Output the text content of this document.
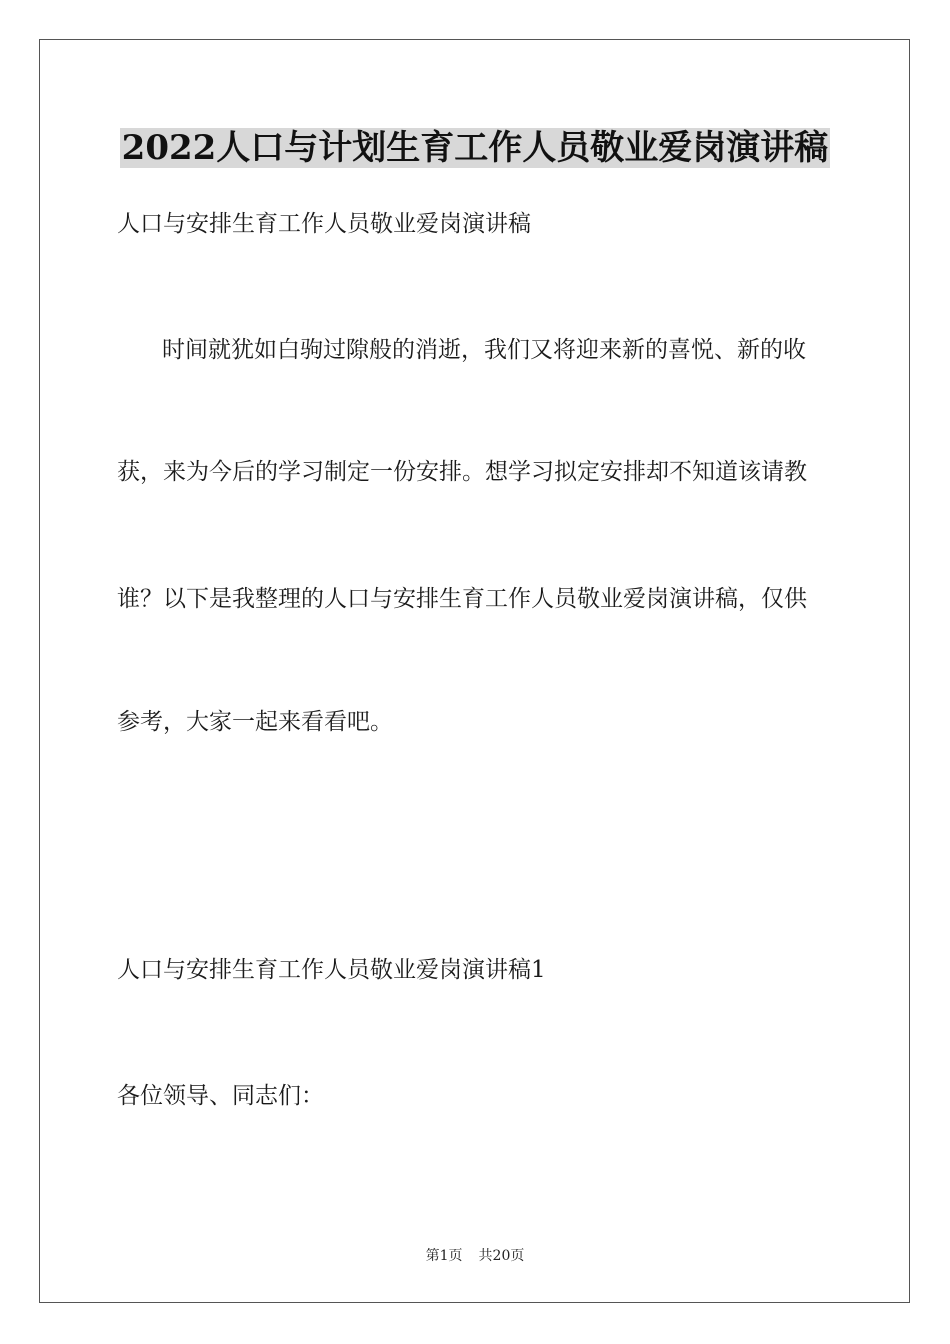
2022人口与计划生育工作人员敬业爱岗演讲稿

人口与安排生育工作人员敬业爱岗演讲稿

时间就犹如白驹过隙般的消逝，我们又将迎来新的喜悦、新的收

获，来为今后的学习制定一份安排。想学习拟定安排却不知道该请教

谁？以下是我整理的人口与安排生育工作人员敬业爱岗演讲稿，仅供

参考，大家一起来看看吧。

人口与安排生育工作人员敬业爱岗演讲稿1

各位领导、同志们：

第1页 共20页
